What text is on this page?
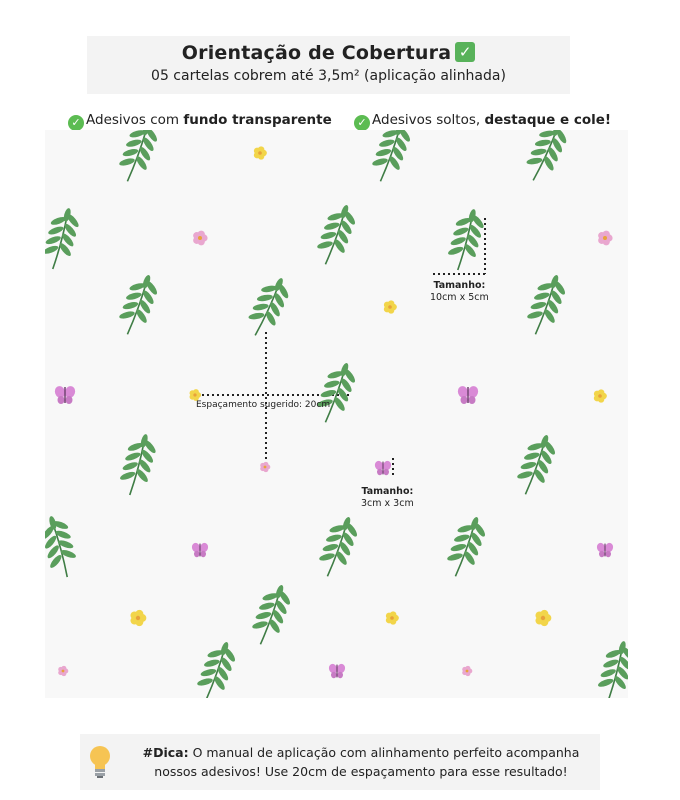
Orientação de Cobertura ✓
05 cartelas cobrem até 3,5m² (aplicação alinhada)
✓ Adesivos com fundo transparente	✓ Adesivos soltos, destaque e cole!
Tamanho:
10cm x 5cm
Espaçamento sugerido: 20cm
Tamanho:
3cm x 3cm
#Dica: O manual de aplicação com alinhamento perfeito acompanha nossos adesivos! Use 20cm de espaçamento para esse resultado!
